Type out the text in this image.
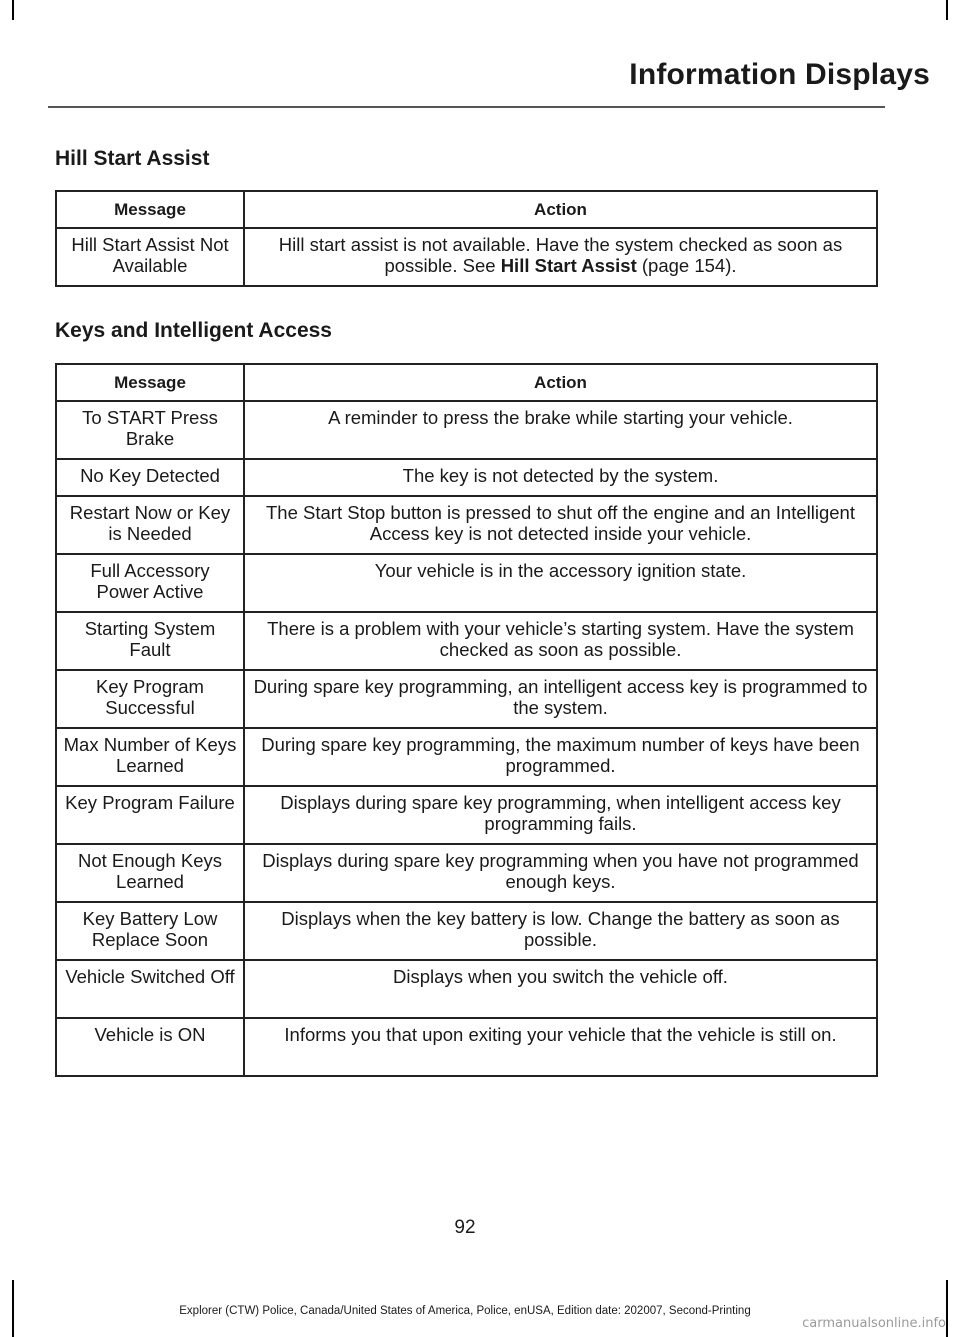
Information Displays
Hill Start Assist
Message	Action
Hill Start Assist Not Available	Hill start assist is not available. Have the system checked as soon as possible. See Hill Start Assist (page 154).
Keys and Intelligent Access
Message	Action
To START Press Brake	A reminder to press the brake while starting your vehicle.
No Key Detected	The key is not detected by the system.
Restart Now or Key is Needed	The Start Stop button is pressed to shut off the engine and an Intelligent Access key is not detected inside your vehicle.
Full Accessory Power Active	Your vehicle is in the accessory ignition state.
Starting System Fault	There is a problem with your vehicle’s starting system. Have the system checked as soon as possible.
Key Program Successful	During spare key programming, an intelligent access key is programmed to the system.
Max Number of Keys Learned	During spare key programming, the maximum number of keys have been programmed.
Key Program Failure	Displays during spare key programming, when intelligent access key programming fails.
Not Enough Keys Learned	Displays during spare key programming when you have not programmed enough keys.
Key Battery Low Replace Soon	Displays when the key battery is low. Change the battery as soon as possible.
Vehicle Switched Off	Displays when you switch the vehicle off.
Vehicle is ON	Informs you that upon exiting your vehicle that the vehicle is still on.
92
Explorer (CTW) Police, Canada/United States of America, Police, enUSA, Edition date: 202007, Second-Printing
carmanualsonline.info
